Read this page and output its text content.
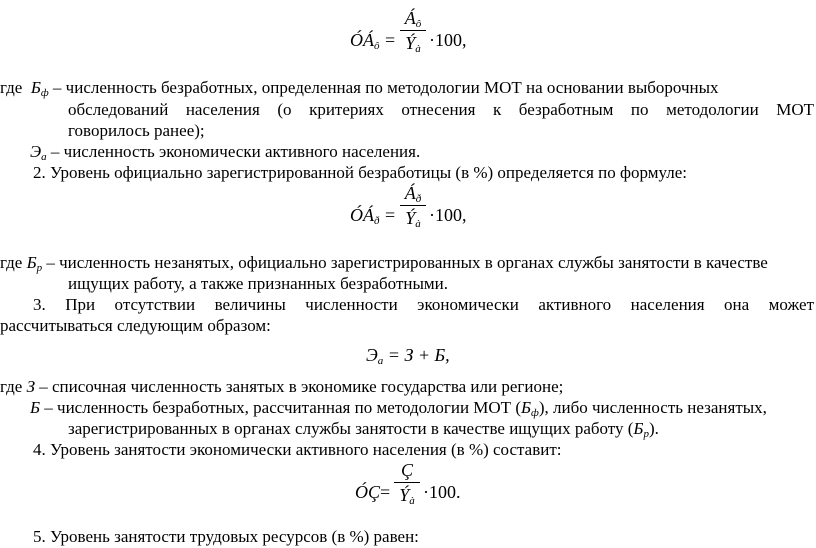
$ÓÁ_ô$ =
$Á_ô$
$Ý_à \cdot 100$,
где $Б_ф$ – численность безработных, определенная по методологии МОТ на основании выборочных
обследований населения (о критериях отнесения к безработным по методологии МОТ
говорилось ранее);
$Э_а$ – численность экономически активного населения.
2. Уровень официально зарегистрированной безработицы (в %) определяется по формуле:
$ÓÁ_ð$ =
$Á_ð$
$Ý_à \cdot 100$,
где $Б_р$ – численность незанятых, официально зарегистрированных в органах службы занятости в качестве
ищущих работу, а также признанных безработными.
3. При отсутствии величины численности экономически активного населения она может
рассчитываться следующим образом:
$Э_а = З + Б$,
где З – списочная численность занятых в экономике государства или регионе;
Б – численность безработных, рассчитанная по методологии МОТ $(Б_ф)$, либо численность незанятых,
зарегистрированных в органах службы занятости в качестве ищущих работу $(Б_р)$.
4. Уровень занятости экономически активного населения (в %) составит:
ÓÇ =
Ç
$Ý_à \cdot 100$.
5. Уровень занятости трудовых ресурсов (в %) равен:
